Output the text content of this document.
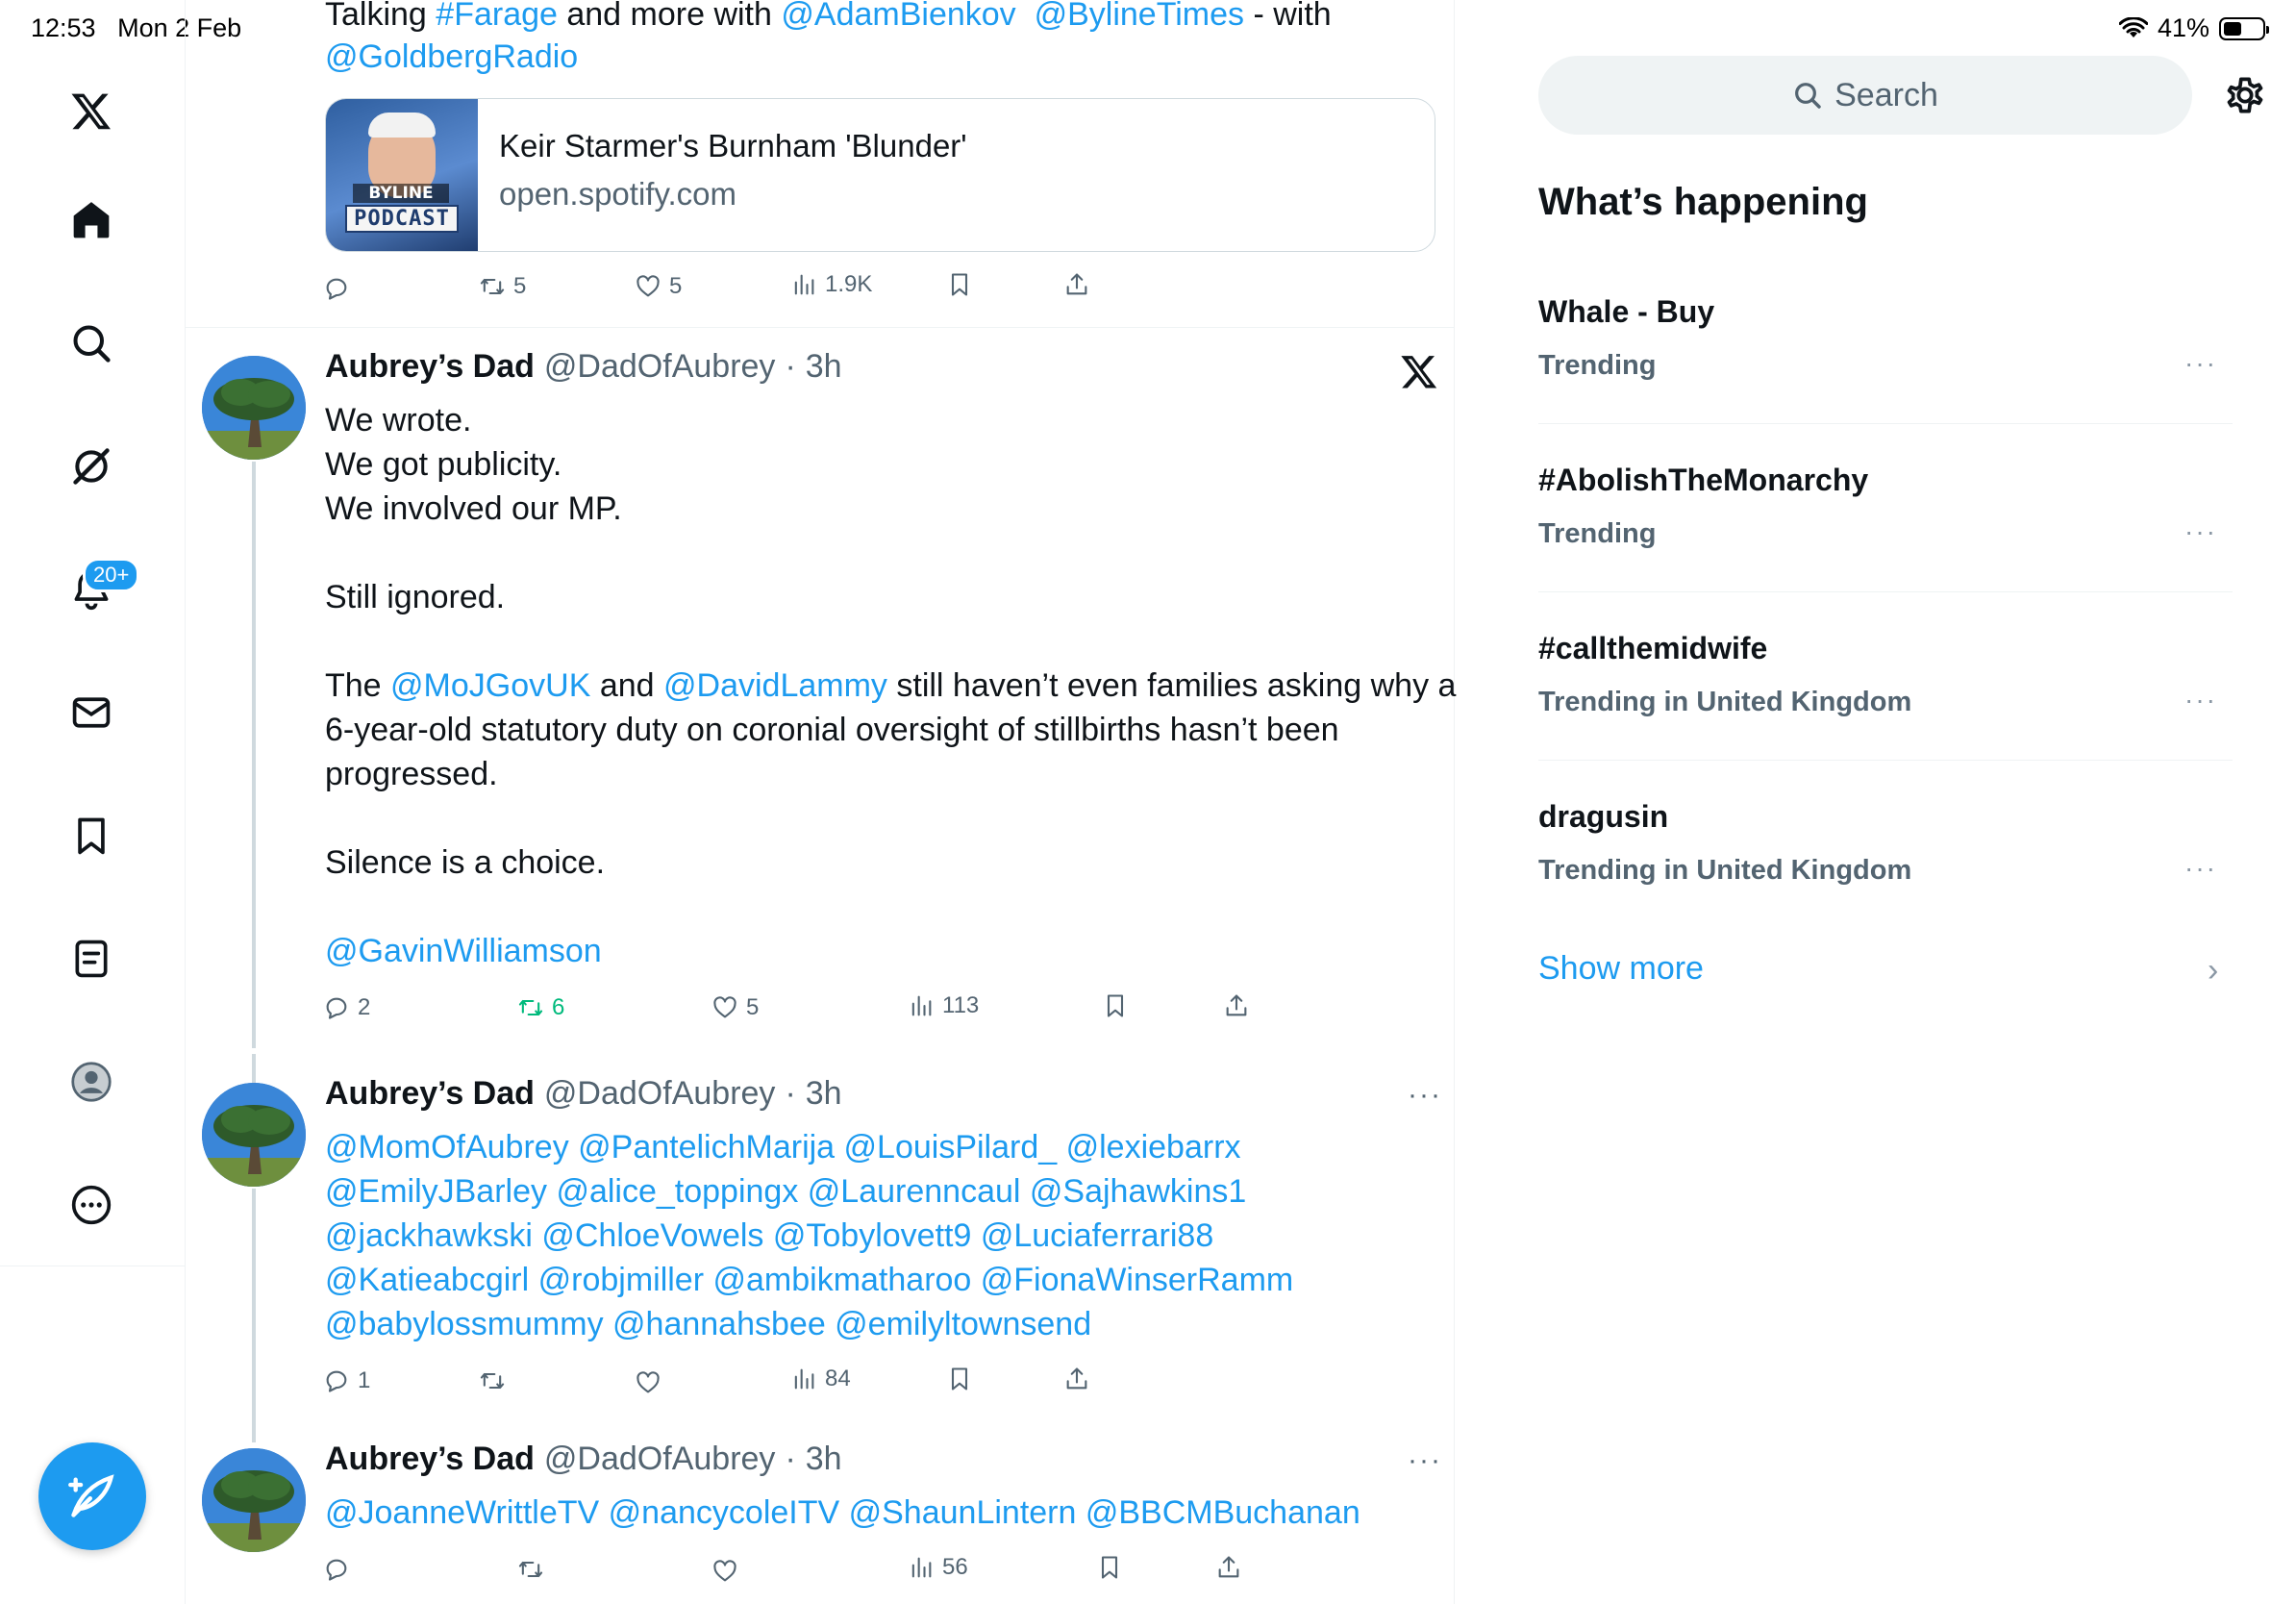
12:53 Mon 2 Feb	41%
20+
Talking #Farage and more with @AdamBienkov @BylineTimes - with
@GoldbergRadio
BYLINE
PODCAST
Keir Starmer's Burnham 'Blunder'
open.spotify.com
5	5	1.9K
Aubrey’s Dad @DadOfAubrey · 3h
We wrote.
We got publicity.
We involved our MP.
Still ignored.
The @MoJGovUK and @DavidLammy still haven’t even families asking why a
6-year-old statutory duty on coronial oversight of stillbirths hasn’t been
progressed.
Silence is a choice.
@GavinWilliamson
2	6	5	113
Aubrey’s Dad @DadOfAubrey · 3h	···
@MomOfAubrey @PantelichMarija @LouisPilard_ @lexiebarrx
@EmilyJBarley @alice_toppingx @Laurenncaul @Sajhawkins1
@jackhawkski @ChloeVowels @Tobylovett9 @Luciaferrari88
@Katieabcgirl @robjmiller @ambikmatharoo @FionaWinserRamm
@babylossmummy @hannahsbee @emilyltownsend
1	84
Aubrey’s Dad @DadOfAubrey · 3h	···
@JoanneWrittleTV @nancycoleITV @ShaunLintern @BBCMBuchanan
56
Search
What’s happening
Whale - Buy
Trending	···
#AbolishTheMonarchy
Trending	···
#callthemidwife
Trending in United Kingdom	···
dragusin
Trending in United Kingdom	···
Show more	›
